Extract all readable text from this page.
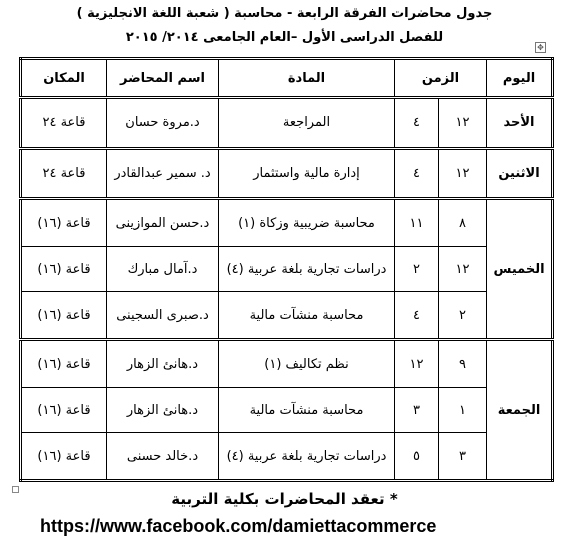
جدول محاضرات الفرقة الرابعة - محاسبة ( شعبة اللغة الانجليزية )
للفصل الدراسى الأول –العام الجامعى ٢٠١٤/ ٢٠١٥
✥
اليوم	الزمن		المادة	اسم المحاضر	المكان
الأحد	١٢	٤	المراجعة	د.مروة حسان	قاعة ٢٤
الاثنين	١٢	٤	إدارة مالية واستثمار	د. سمير عبدالقادر	قاعة ٢٤
الخميس	٨	١١	محاسبة ضريبية وزكاة (١)	د.حسن الموازينى	قاعة (١٦)
	١٢	٢	دراسات تجارية بلغة عربية (٤)	د.آمال مبارك	قاعة (١٦)
	٢	٤	محاسبة منشآت مالية	د.صبرى السجينى	قاعة (١٦)
الجمعة	٩	١٢	نظم تكاليف (١)	د.هانئ الزهار	قاعة (١٦)
	١	٣	محاسبة منشآت مالية	د.هانئ الزهار	قاعة (١٦)
	٣	٥	دراسات تجارية بلغة عربية (٤)	د.خالد حسنى	قاعة (١٦)
* تعقد المحاضرات بكلية التربية
https://www.facebook.com/damiettacommerce
